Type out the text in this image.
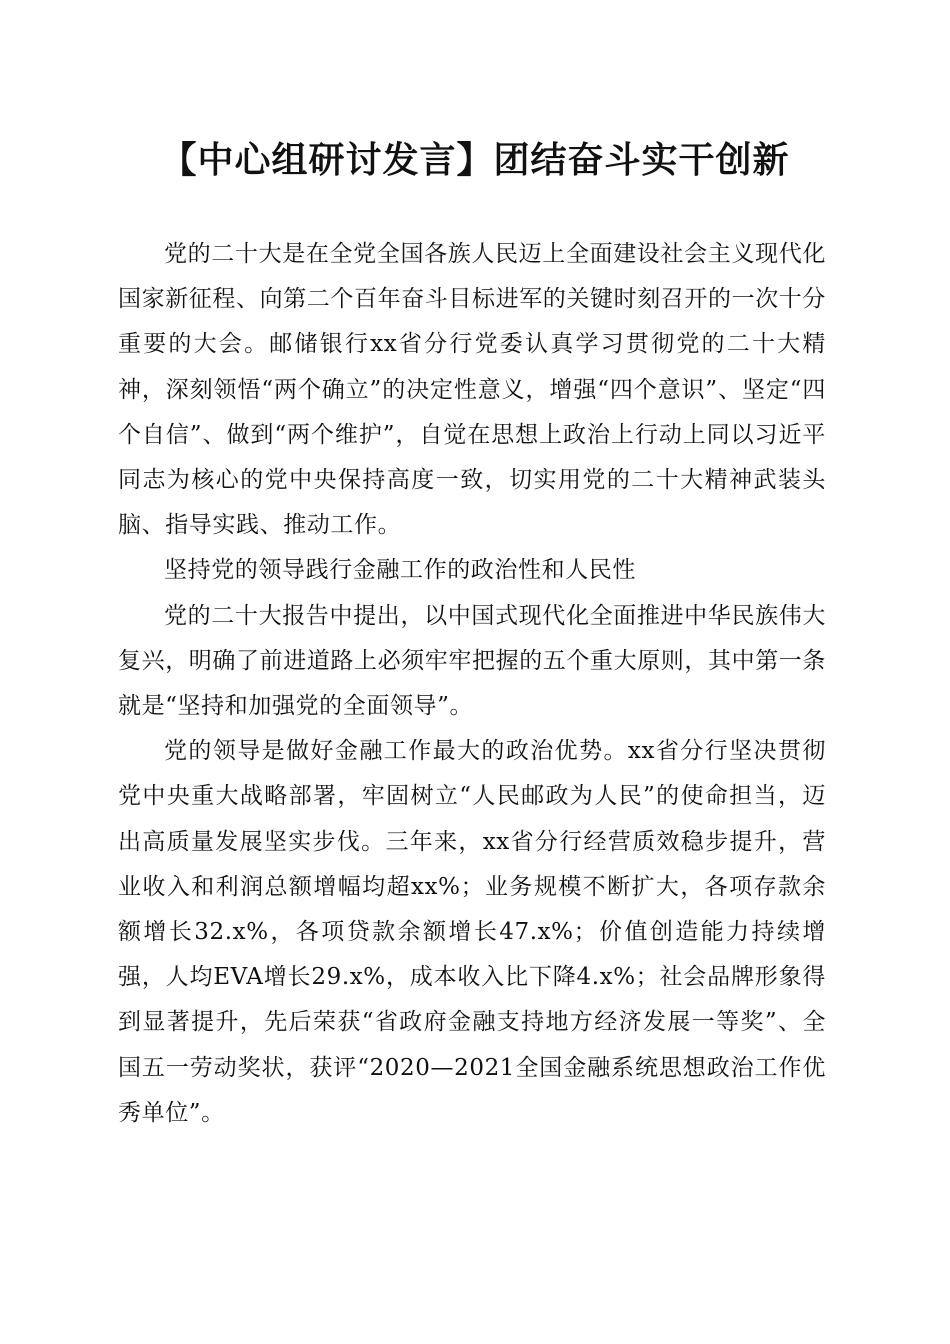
【中心组研讨发言】团结奋斗实干创新

党的二十大是在全党全国各族人民迈上全面建设社会主义现代化国家新征程、向第二个百年奋斗目标进军的关键时刻召开的一次十分重要的大会。邮储银行xx省分行党委认真学习贯彻党的二十大精神，深刻领悟“两个确立”的决定性意义，增强“四个意识”、坚定“四个自信”、做到“两个维护”，自觉在思想上政治上行动上同以习近平同志为核心的党中央保持高度一致，切实用党的二十大精神武装头脑、指导实践、推动工作。

坚持党的领导践行金融工作的政治性和人民性

党的二十大报告中提出，以中国式现代化全面推进中华民族伟大复兴，明确了前进道路上必须牢牢把握的五个重大原则，其中第一条就是“坚持和加强党的全面领导”。

党的领导是做好金融工作最大的政治优势。xx省分行坚决贯彻党中央重大战略部署，牢固树立“人民邮政为人民”的使命担当，迈出高质量发展坚实步伐。三年来，xx省分行经营质效稳步提升，营业收入和利润总额增幅均超xx%；业务规模不断扩大，各项存款余额增长32.x%，各项贷款余额增长47.x%；价值创造能力持续增强，人均EVA增长29.x%，成本收入比下降4.x%；社会品牌形象得到显著提升，先后荣获“省政府金融支持地方经济发展一等奖”、全国五一劳动奖状，获评“2020—2021全国金融系统思想政治工作优秀单位”。
